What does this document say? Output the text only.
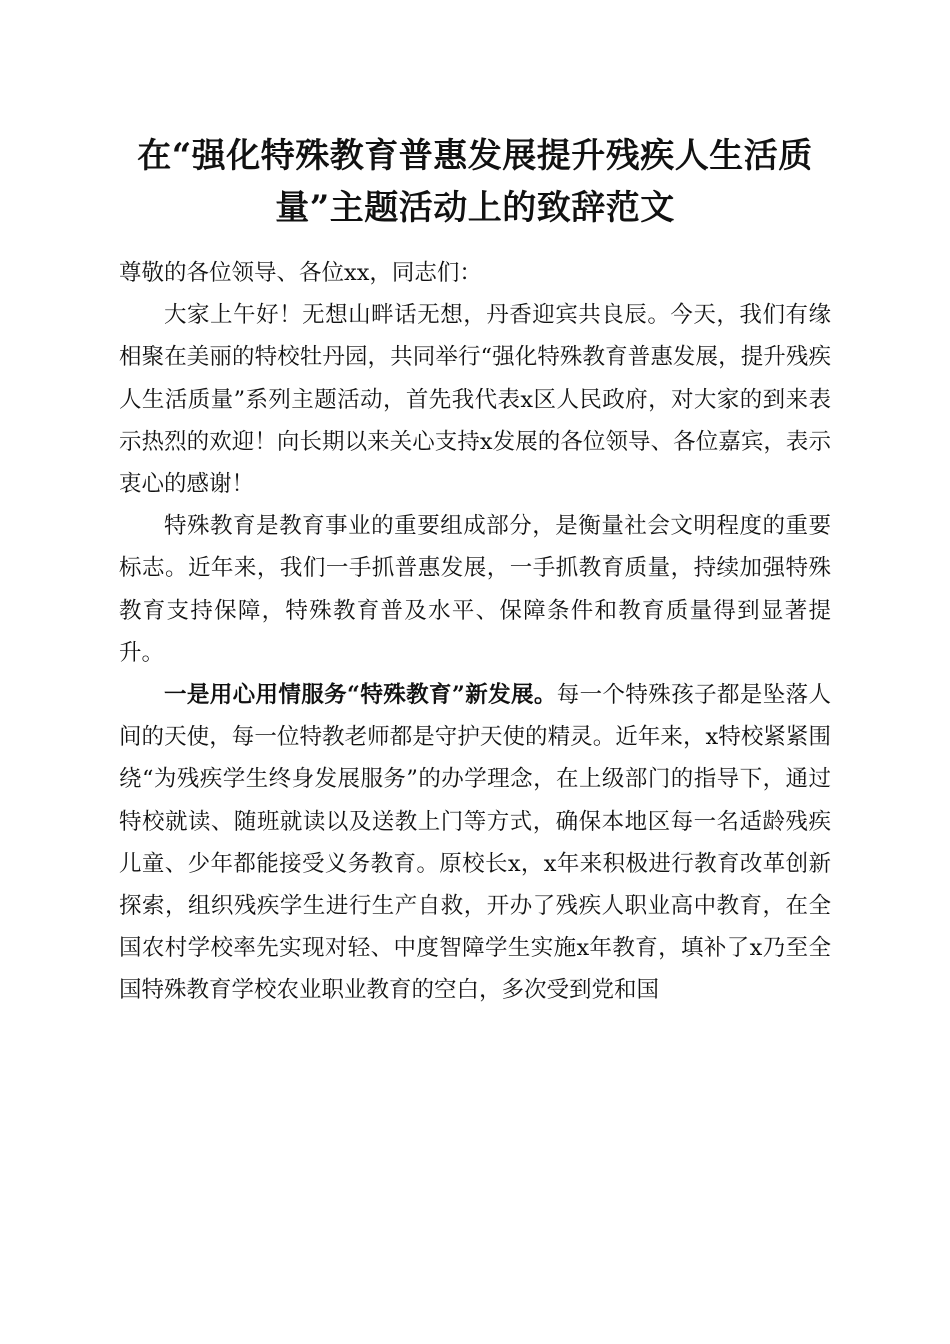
在“强化特殊教育普惠发展提升残疾人生活质
量”主题活动上的致辞范文

尊敬的各位领导、各位xx，同志们：

大家上午好！无想山畔话无想，丹香迎宾共良辰。今天，我们有缘相聚在美丽的特校牡丹园，共同举行“强化特殊教育普惠发展，提升残疾人生活质量”系列主题活动，首先我代表x区人民政府，对大家的到来表示热烈的欢迎！向长期以来关心支持x发展的各位领导、各位嘉宾，表示衷心的感谢！

特殊教育是教育事业的重要组成部分，是衡量社会文明程度的重要标志。近年来，我们一手抓普惠发展，一手抓教育质量，持续加强特殊教育支持保障，特殊教育普及水平、保障条件和教育质量得到显著提升。

一是用心用情服务“特殊教育”新发展。每一个特殊孩子都是坠落人间的天使，每一位特教老师都是守护天使的精灵。近年来，x特校紧紧围绕“为残疾学生终身发展服务”的办学理念，在上级部门的指导下，通过特校就读、随班就读以及送教上门等方式，确保本地区每一名适龄残疾儿童、少年都能接受义务教育。原校长x，x年来积极进行教育改革创新探索，组织残疾学生进行生产自救，开办了残疾人职业高中教育，在全国农村学校率先实现对轻、中度智障学生实施x年教育，填补了x乃至全国特殊教育学校农业职业教育的空白，多次受到党和国
